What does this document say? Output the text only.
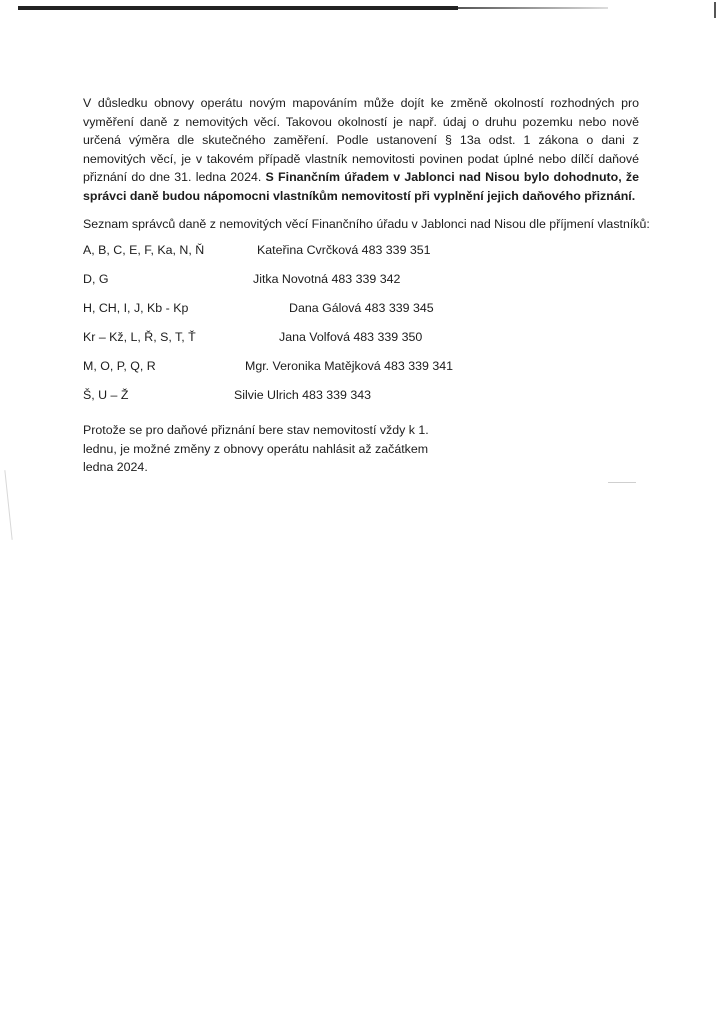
V důsledku obnovy operátu novým mapováním může dojít ke změně okolností rozhodných pro vyměření daně z nemovitých věcí. Takovou okolností je např. údaj o druhu pozemku nebo nově určená výměra dle skutečného zaměření. Podle ustanovení § 13a odst. 1 zákona o dani z nemovitých věcí, je v takovém případě vlastník nemovitosti povinen podat úplné nebo dílčí daňové přiznání do dne 31. ledna 2024. S Finančním úřadem v Jablonci nad Nisou bylo dohodnuto, že správci daně budou nápomocni vlastníkům nemovitostí při vyplnění jejich daňového přiznání.

Seznam správců daně z nemovitých věcí Finančního úřadu v Jablonci nad Nisou dle příjmení vlastníků:

A, B, C, E, F, Ka, N, Ň	Kateřina Cvrčková 483 339 351
D, G	Jitka Novotná 483 339 342
H, CH, I, J, Kb - Kp	Dana Gálová 483 339 345
Kr – Kž, L, Ř, S, T, Ť	Jana Volfová 483 339 350
M, O, P, Q, R	Mgr. Veronika Matějková 483 339 341
Š, U – Ž	Silvie Ulrich 483 339 343

Protože se pro daňové přiznání bere stav nemovitostí vždy k 1. lednu, je možné změny z obnovy operátu nahlásit až začátkem ledna 2024.
